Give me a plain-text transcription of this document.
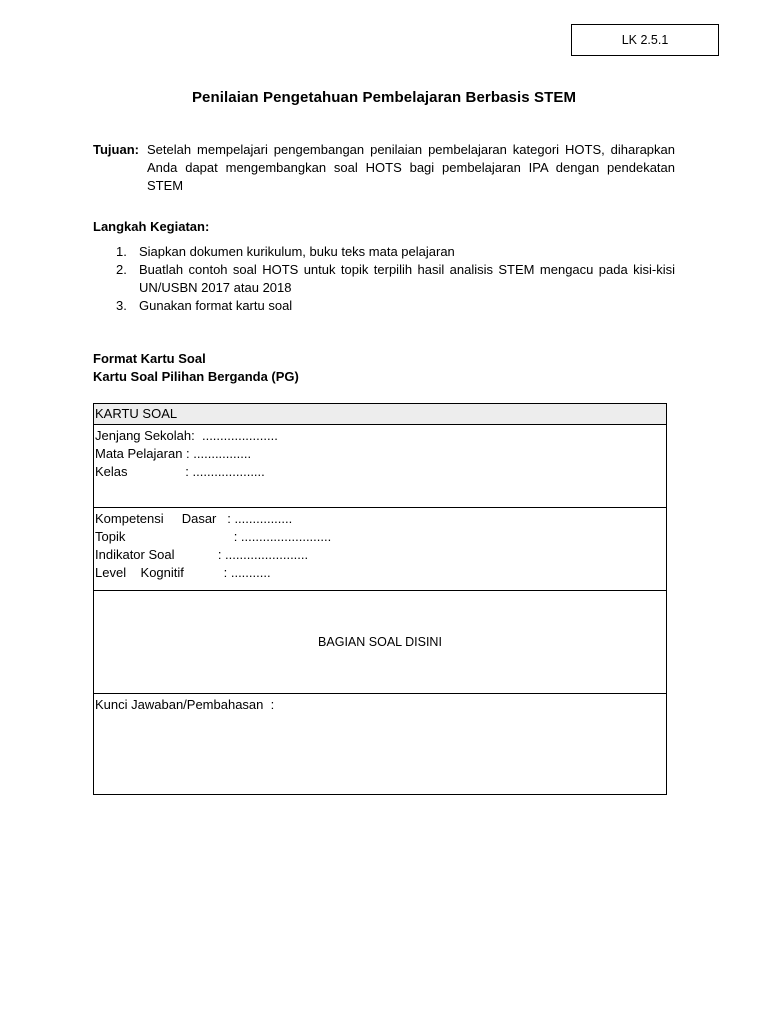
LK 2.5.1
Penilaian Pengetahuan Pembelajaran Berbasis STEM
Tujuan: Setelah mempelajari pengembangan penilaian pembelajaran kategori HOTS, diharapkan Anda dapat mengembangkan soal HOTS bagi pembelajaran IPA dengan pendekatan STEM
Langkah Kegiatan:
1. Siapkan dokumen kurikulum, buku teks mata pelajaran
2. Buatlah contoh soal HOTS untuk topik terpilih hasil analisis STEM mengacu pada kisi-kisi UN/USBN 2017 atau 2018
3. Gunakan format kartu soal
Format Kartu Soal
Kartu Soal Pilihan Berganda (PG)
KARTU SOAL
Jenjang Sekolah:  .....................
Mata Pelajaran : ................
Kelas                : ....................
Kompetensi     Dasar   : ................
Topik                              : .........................
Indikator Soal            : .......................
Level    Kognitif           : ...........
BAGIAN SOAL DISINI
Kunci Jawaban/Pembahasan  :
